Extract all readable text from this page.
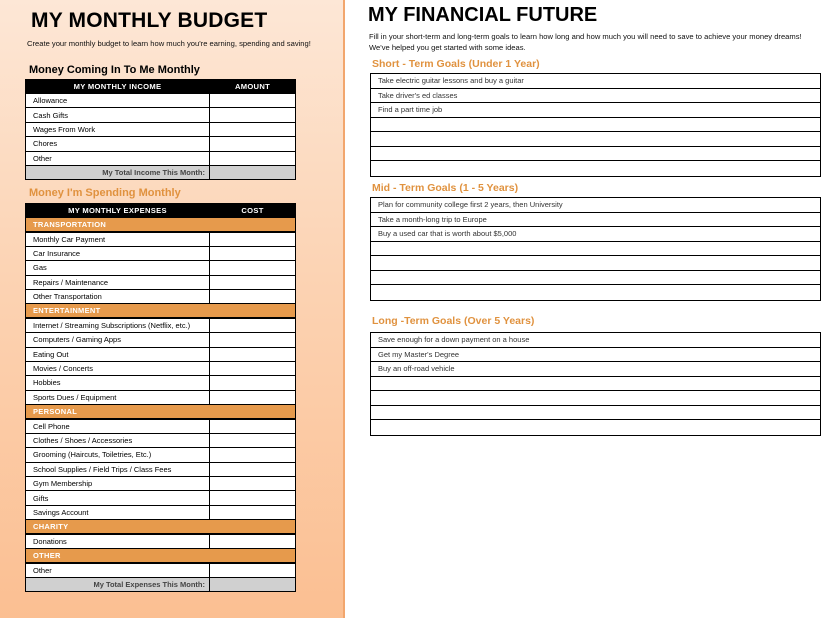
MY MONTHLY BUDGET
Create your monthly budget to learn how much you're earning, spending and saving!
Money Coming In To Me Monthly
MY MONTHLY INCOME	AMOUNT
Allowance	
Cash Gifts	
Wages From Work	
Chores	
Other	
My Total Income This Month:	
Money I'm Spending Monthly
MY MONTHLY EXPENSES	COST
TRANSPORTATION	
Monthly Car Payment	
Car Insurance	
Gas	
Repairs / Maintenance	
Other Transportation	
ENTERTAINMENT	
Internet / Streaming Subscriptions (Netflix, etc.)	
Computers / Gaming Apps	
Eating Out	
Movies / Concerts	
Hobbies	
Sports Dues / Equipment	
PERSONAL	
Cell Phone	
Clothes / Shoes / Accessories	
Grooming (Haircuts, Toiletries, Etc.)	
School Supplies / Field Trips / Class Fees	
Gym Membership	
Gifts	
Savings Account	
CHARITY	
Donations	
OTHER	
Other	
My Total Expenses This Month:	
MY FINANCIAL FUTURE
Fill in your short-term and long-term goals to learn how long and how much you will need to save to achieve your money dreams! We've helped you get started with some ideas.
Short - Term Goals (Under 1 Year)
Take electric guitar lessons and buy a guitar
Take driver's ed classes
Find a part time job
Mid - Term Goals (1 - 5 Years)
Plan for community college first 2 years, then University
Take a month-long trip to Europe
Buy a used car that is worth about $5,000
Long -Term Goals (Over 5 Years)
Save enough for a down payment on a house
Get my Master's Degree
Buy an off-road vehicle
